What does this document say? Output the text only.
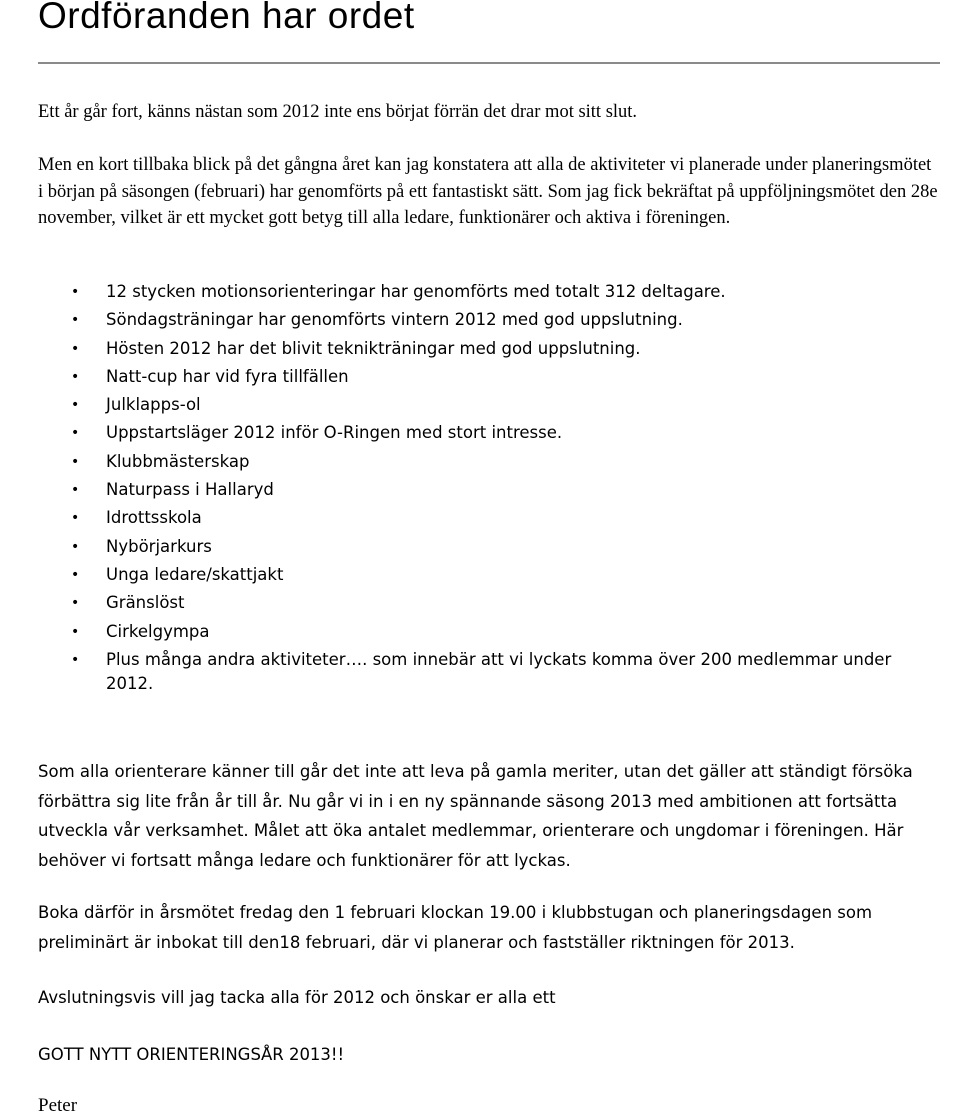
Ordföranden har ordet

Ett år går fort, känns nästan som 2012 inte ens börjat förrän det drar mot sitt slut.

Men en kort tillbaka blick på det gångna året kan jag konstatera att alla de aktiviteter vi planerade under planeringsmötet i början på säsongen (februari) har genomförts på ett fantastiskt sätt. Som jag fick bekräftat på uppföljningsmötet den 28e november, vilket är ett mycket gott betyg till alla ledare, funktionärer och aktiva i föreningen.

• 12 stycken motionsorienteringar har genomförts med totalt 312 deltagare.
• Söndagsträningar har genomförts vintern 2012 med god uppslutning.
• Hösten 2012 har det blivit teknikträningar med god uppslutning.
• Natt-cup har vid fyra tillfällen
• Julklapps-ol
• Uppstartsläger 2012 inför O-Ringen med stort intresse.
• Klubbmästerskap
• Naturpass i Hallaryd
• Idrottsskola
• Nybörjarkurs
• Unga ledare/skattjakt
• Gränslöst
• Cirkelgympa
• Plus många andra aktiviteter…. som innebär att vi lyckats komma över 200 medlemmar under 2012.

Som alla orienterare känner till går det inte att leva på gamla meriter, utan det gäller att ständigt försöka förbättra sig lite från år till år. Nu går vi in i en ny spännande säsong 2013 med ambitionen att fortsätta utveckla vår verksamhet. Målet att öka antalet medlemmar, orienterare och ungdomar i föreningen. Här behöver vi fortsatt många ledare och funktionärer för att lyckas.

Boka därför in årsmötet fredag den 1 februari klockan 19.00 i klubbstugan och planeringsdagen som preliminärt är inbokat till den18 februari, där vi planerar och fastställer riktningen för 2013.

Avslutningsvis vill jag tacka alla för 2012 och önskar er alla ett

GOTT NYTT ORIENTERINGSÅR 2013!!

Peter
